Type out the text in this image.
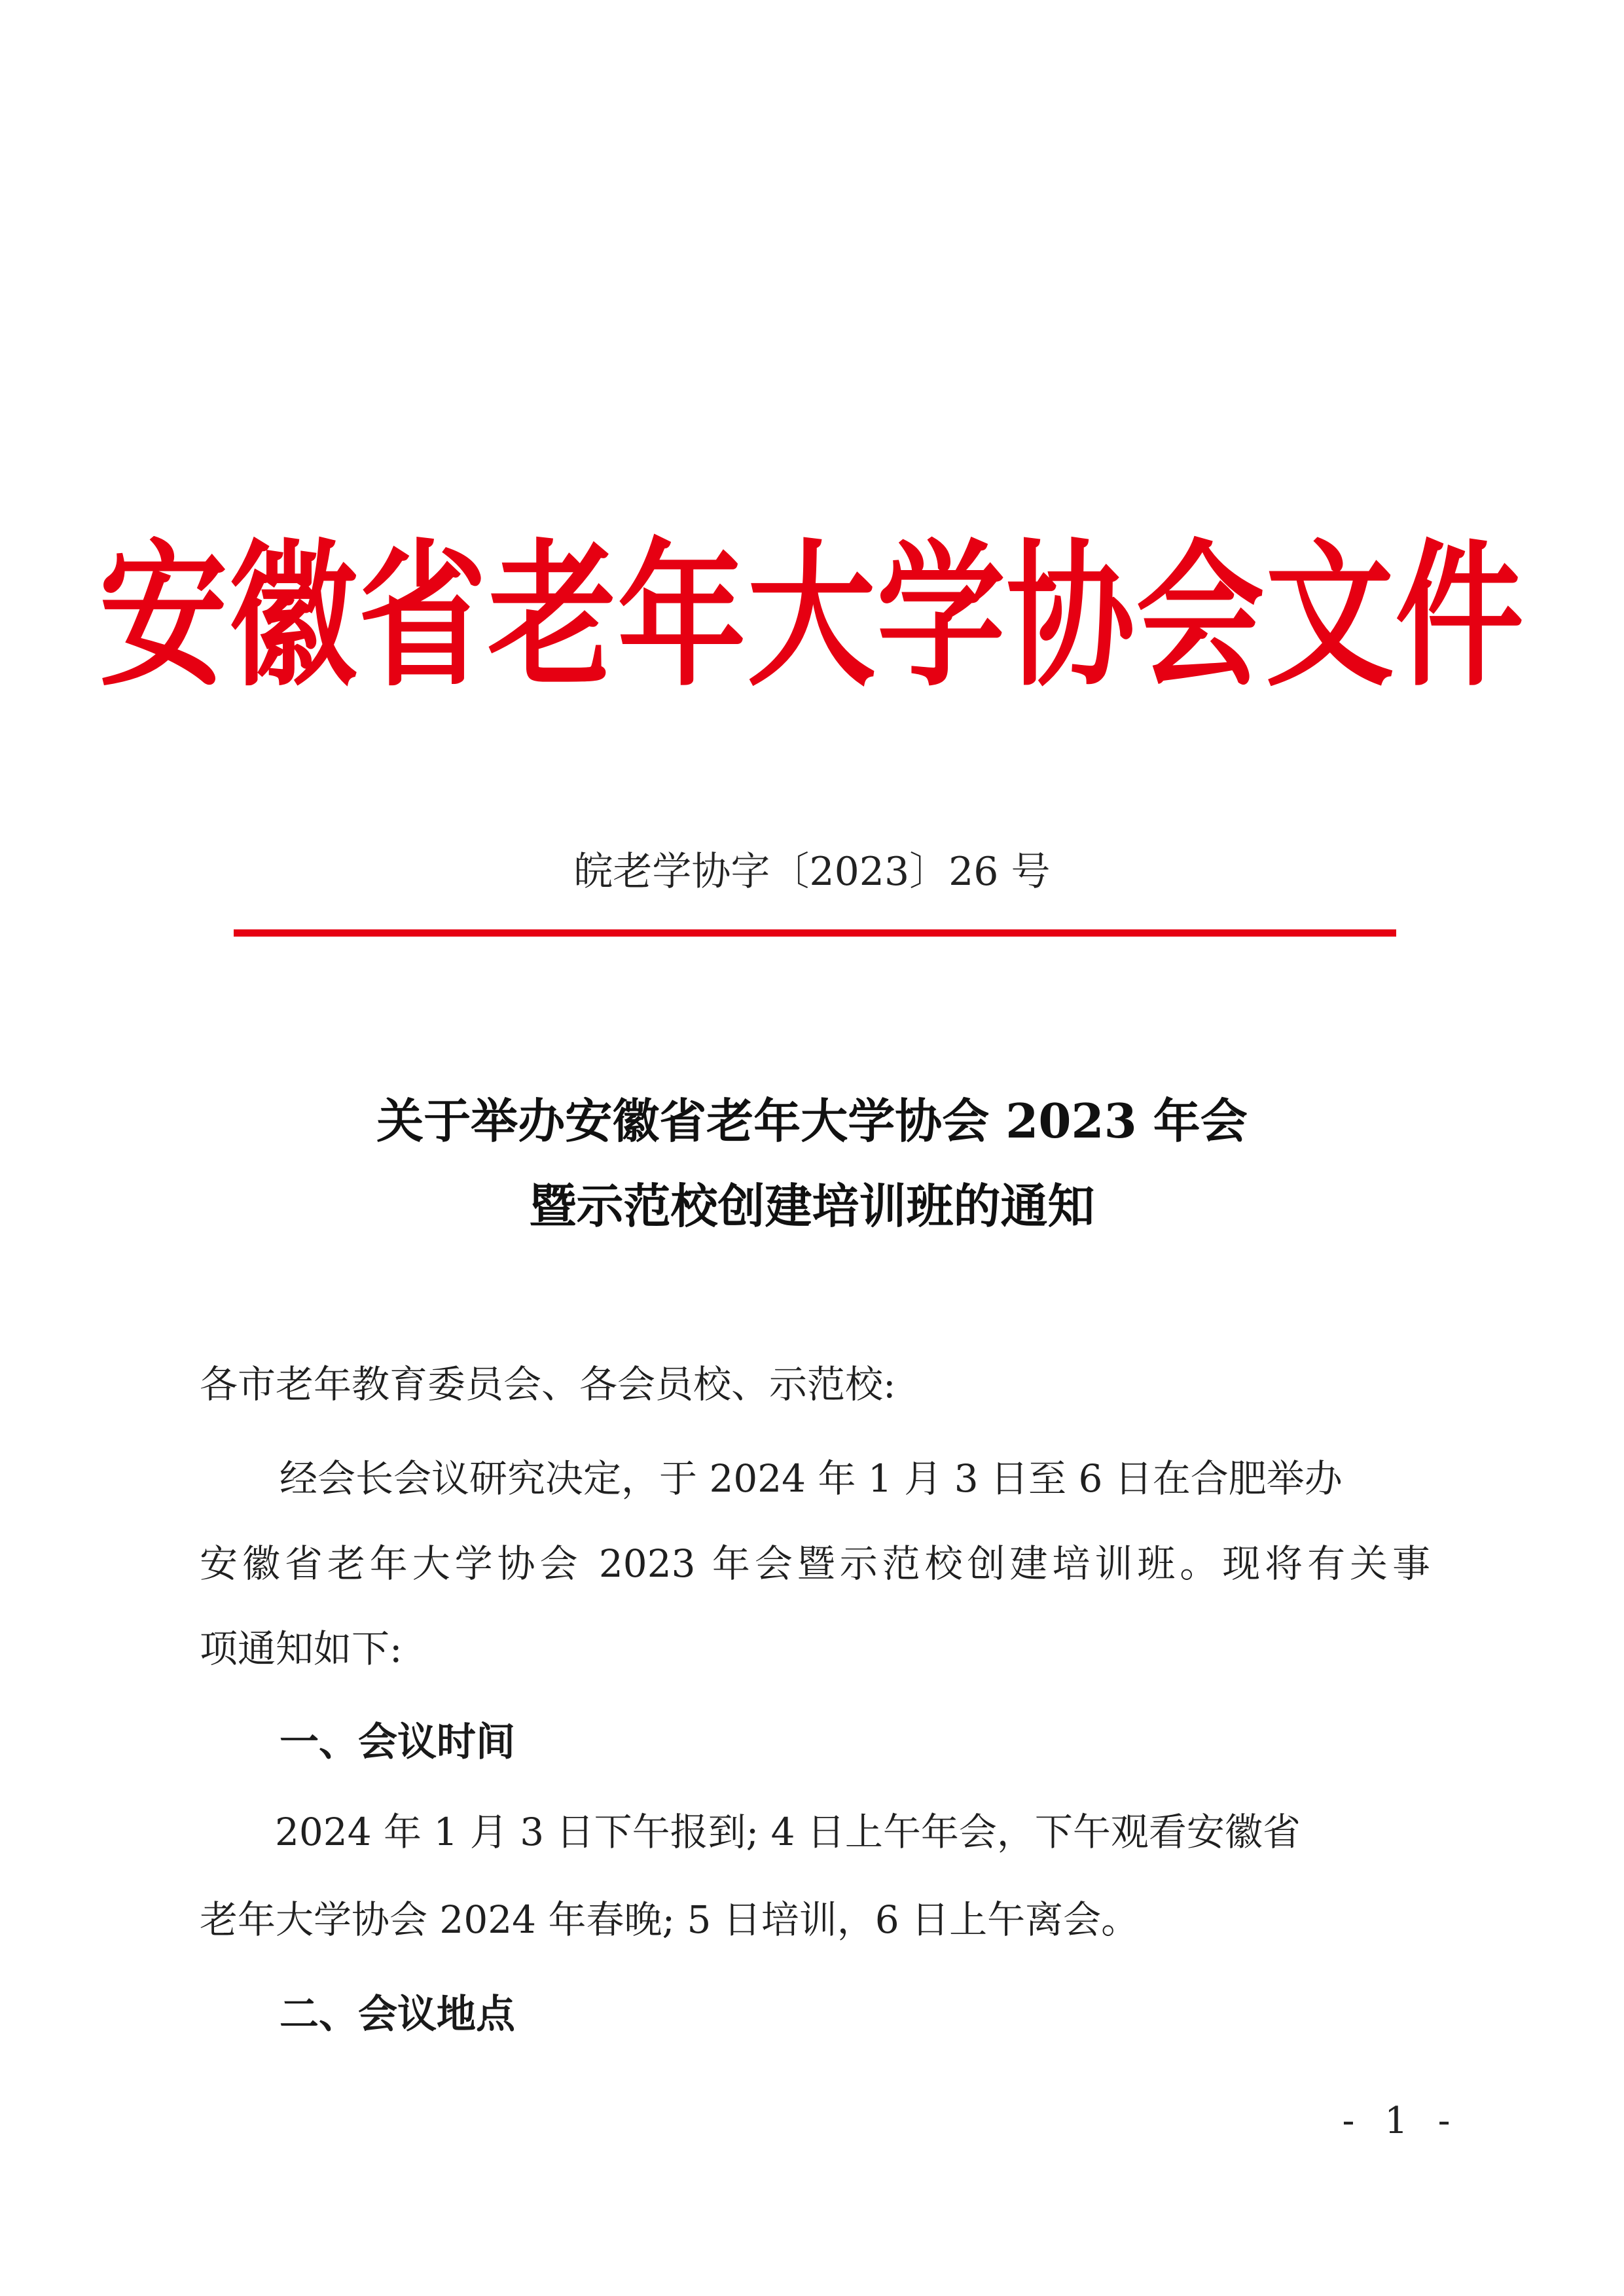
安徽省老年大学协会文件
皖老学协字〔2023〕26 号
关于举办安徽省老年大学协会 2023 年会
暨示范校创建培训班的通知
各市老年教育委员会、各会员校、示范校:
经会长会议研究决定，于 2024 年 1 月 3 日至 6 日在合肥举办
安徽省老年大学协会 2023 年会暨示范校创建培训班。现将有关事
项通知如下:
一、会议时间
2024 年 1 月 3 日下午报到; 4 日上午年会，下午观看安徽省
老年大学协会 2024 年春晚; 5 日培训，6 日上午离会。
二、会议地点
- 1 -
